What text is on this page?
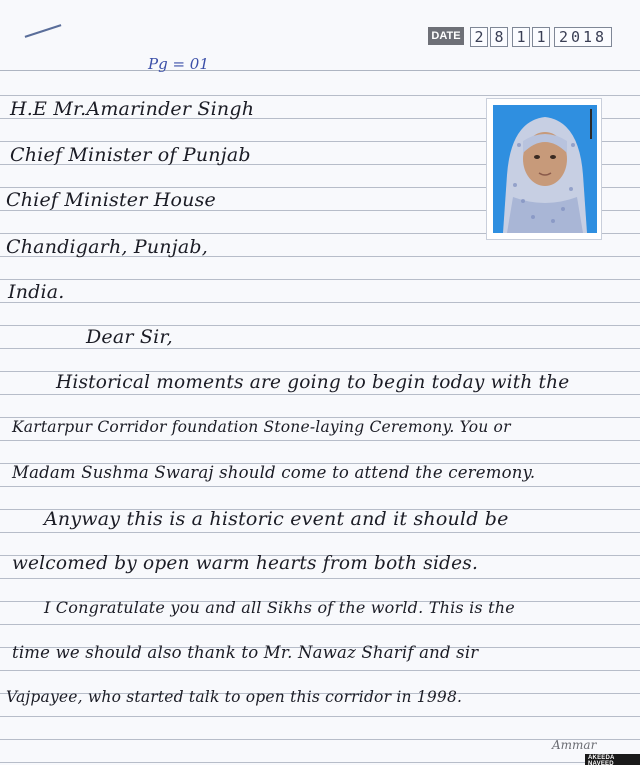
DATE 2 8 1 1 2018
Pg = 01
H.E Mr.Amarinder Singh
Chief Minister of Punjab
Chief Minister House
Chandigarh, Punjab,
India.
Dear Sir,
Historical moments are going to begin today with the
Kartarpur Corridor foundation Stone-laying Ceremony. You or
Madam Sushma Swaraj should come to attend the ceremony.
Anyway this is a historic event and it should be
welcomed by open warm hearts from both sides.
I Congratulate you and all Sikhs of the world. This is the
time we should also thank to Mr. Nawaz Sharif and sir
Vajpayee, who started talk to open this corridor in 1998.
Ammar
AKEEDA NAVEED
